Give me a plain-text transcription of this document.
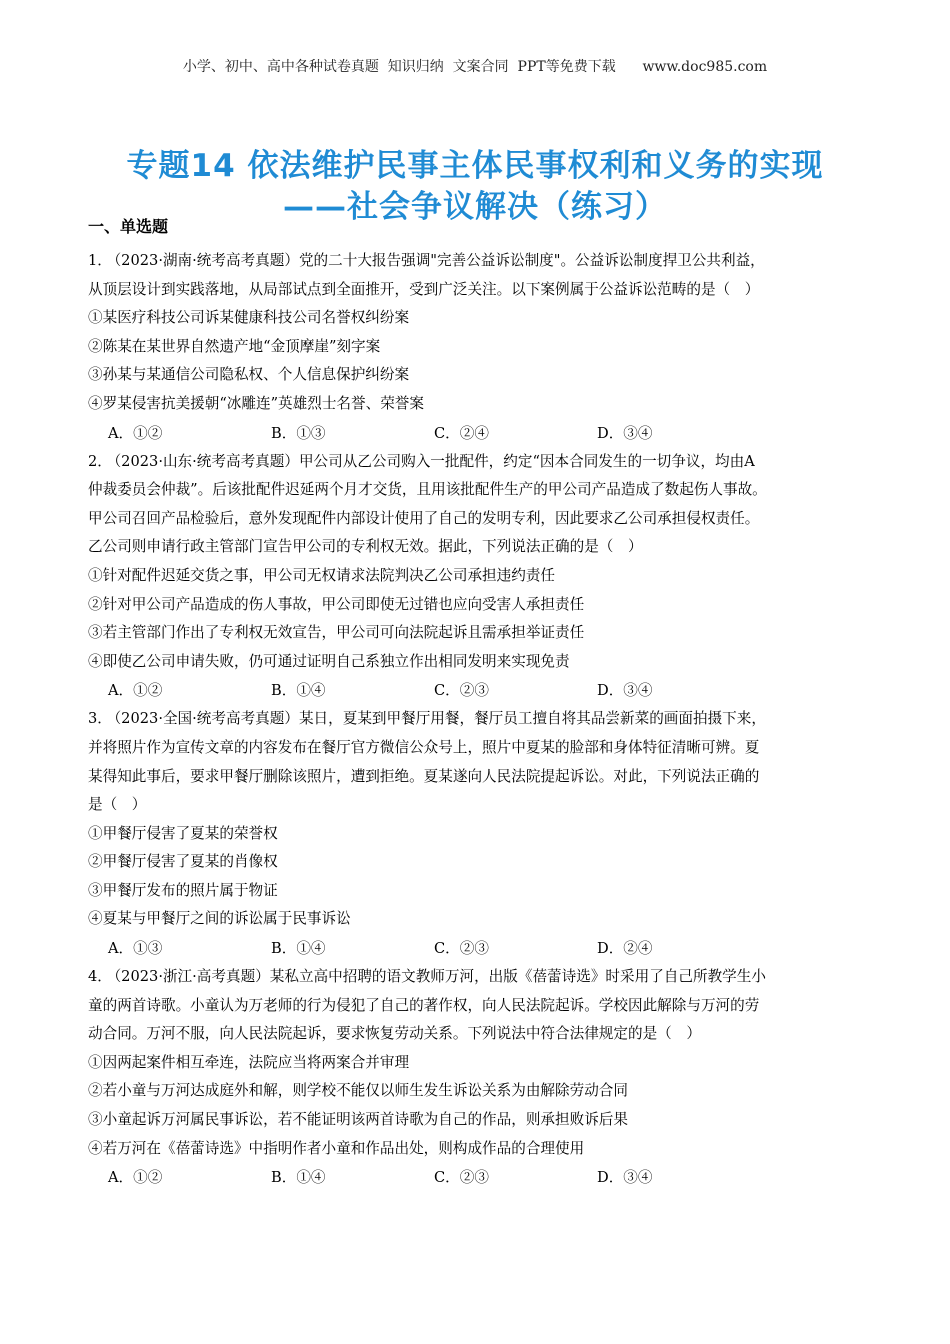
小学、初中、高中各种试卷真题  知识归纳  文案合同  PPT等免费下载      www.doc985.com
专题14 依法维护民事主体民事权利和义务的实现
——社会争议解决（练习）
一、单选题

1． （2023·湖南·统考高考真题）党的二十大报告强调"完善公益诉讼制度"。公益诉讼制度捍卫公共利益，

从顶层设计到实践落地，从局部试点到全面推开，受到广泛关注。以下案例属于公益诉讼范畴的是（　）

①某医疗科技公司诉某健康科技公司名誉权纠纷案

②陈某在某世界自然遗产地“金顶摩崖”刻字案

③孙某与某通信公司隐私权、个人信息保护纠纷案

④罗某侵害抗美援朝“冰雕连”英雄烈士名誉、荣誉案

A．①②	B．①③	C．②④	D．③④

2． （2023·山东·统考高考真题）甲公司从乙公司购入一批配件，约定“因本合同发生的一切争议，均由A

仲裁委员会仲裁”。后该批配件迟延两个月才交货，且用该批配件生产的甲公司产品造成了数起伤人事故。

甲公司召回产品检验后，意外发现配件内部设计使用了自己的发明专利，因此要求乙公司承担侵权责任。

乙公司则申请行政主管部门宣告甲公司的专利权无效。据此，下列说法正确的是（　）

①针对配件迟延交货之事，甲公司无权请求法院判决乙公司承担违约责任

②针对甲公司产品造成的伤人事故，甲公司即使无过错也应向受害人承担责任

③若主管部门作出了专利权无效宣告，甲公司可向法院起诉且需承担举证责任

④即使乙公司申请失败，仍可通过证明自己系独立作出相同发明来实现免责

A．①②	B．①④	C．②③	D．③④

3． （2023·全国·统考高考真题）某日，夏某到甲餐厅用餐，餐厅员工擅自将其品尝新菜的画面拍摄下来，

并将照片作为宣传文章的内容发布在餐厅官方微信公众号上，照片中夏某的脸部和身体特征清晰可辨。夏

某得知此事后，要求甲餐厅删除该照片，遭到拒绝。夏某遂向人民法院提起诉讼。对此，下列说法正确的

是（　）

①甲餐厅侵害了夏某的荣誉权

②甲餐厅侵害了夏某的肖像权

③甲餐厅发布的照片属于物证

④夏某与甲餐厅之间的诉讼属于民事诉讼

A．①③	B．①④	C．②③	D．②④

4． （2023·浙江·高考真题）某私立高中招聘的语文教师万河，出版《蓓蕾诗选》时采用了自己所教学生小

童的两首诗歌。小童认为万老师的行为侵犯了自己的著作权，向人民法院起诉。学校因此解除与万河的劳

动合同。万河不服，向人民法院起诉，要求恢复劳动关系。下列说法中符合法律规定的是（　）

①因两起案件相互牵连，法院应当将两案合并审理

②若小童与万河达成庭外和解，则学校不能仅以师生发生诉讼关系为由解除劳动合同

③小童起诉万河属民事诉讼，若不能证明该两首诗歌为自己的作品，则承担败诉后果

④若万河在《蓓蕾诗选》中指明作者小童和作品出处，则构成作品的合理使用

A．①②	B．①④	C．②③	D．③④
